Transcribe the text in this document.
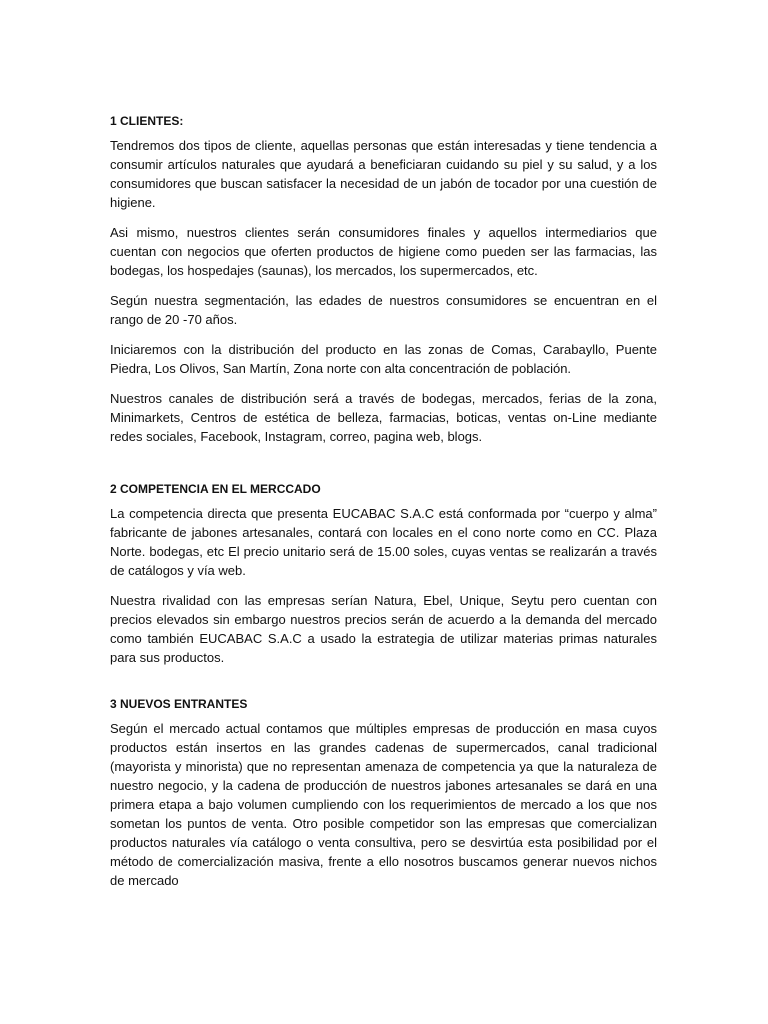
1 CLIENTES:

Tendremos dos tipos de cliente, aquellas personas que están interesadas y tiene tendencia a consumir artículos naturales que ayudará a beneficiaran cuidando su piel y su salud, y a los consumidores que buscan satisfacer la necesidad de un jabón de tocador por una cuestión de higiene.

Asi mismo, nuestros clientes serán consumidores finales y aquellos intermediarios que cuentan con negocios que oferten productos de higiene como pueden ser las farmacias, las bodegas, los hospedajes (saunas), los mercados, los supermercados, etc.

Según nuestra segmentación, las edades de nuestros consumidores se encuentran en el rango de 20 -70 años.

Iniciaremos con la distribución del producto en las zonas de Comas, Carabayllo, Puente Piedra, Los Olivos, San Martín, Zona norte con alta concentración de población.

Nuestros canales de distribución será a través de bodegas, mercados, ferias de la zona, Minimarkets, Centros de estética de belleza, farmacias, boticas, ventas on-Line mediante redes sociales, Facebook, Instagram, correo, pagina web, blogs.

2 COMPETENCIA EN EL MERCCADO

La competencia directa que presenta EUCABAC S.A.C está conformada por “cuerpo y alma” fabricante de jabones artesanales, contará con locales en el cono norte como en CC. Plaza Norte. bodegas, etc El precio unitario será de 15.00 soles, cuyas ventas se realizarán a través de catálogos y vía web.

Nuestra rivalidad con las empresas serían Natura, Ebel, Unique, Seytu pero cuentan con precios elevados sin embargo nuestros precios serán de acuerdo a la demanda del mercado como también EUCABAC S.A.C a usado la estrategia de utilizar materias primas naturales para sus productos.

3 NUEVOS ENTRANTES

Según el mercado actual contamos que múltiples empresas de producción en masa cuyos productos están insertos en las grandes cadenas de supermercados, canal tradicional (mayorista y minorista) que no representan amenaza de competencia ya que la naturaleza de nuestro negocio, y la cadena de producción de nuestros jabones artesanales se dará en una primera etapa a bajo volumen cumpliendo con los requerimientos de mercado a los que nos sometan los puntos de venta. Otro posible competidor son las empresas que comercializan productos naturales vía catálogo o venta consultiva, pero se desvirtúa esta posibilidad por el método de comercialización masiva, frente a ello nosotros buscamos generar nuevos nichos de mercado
